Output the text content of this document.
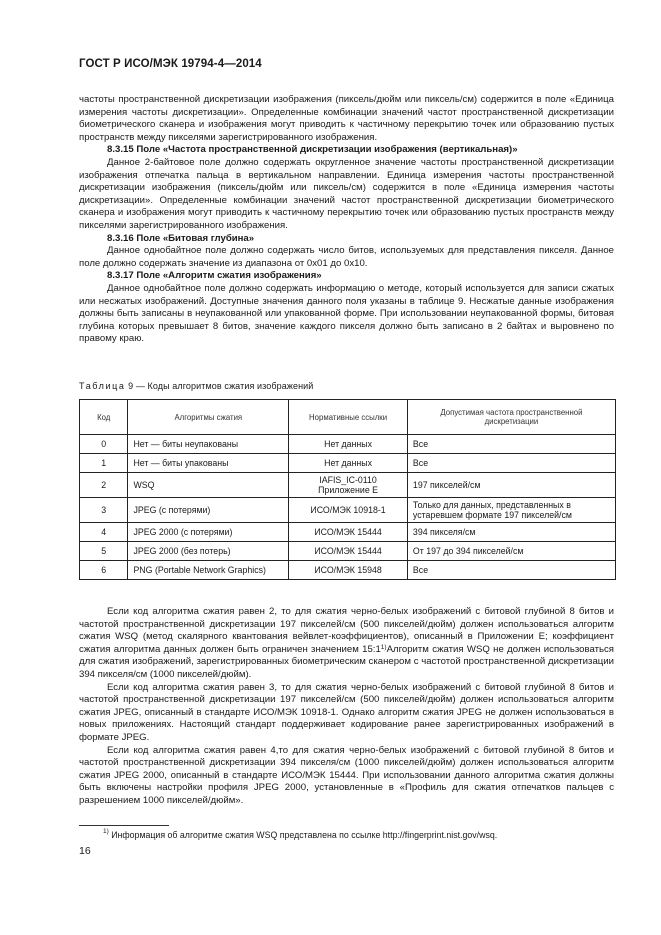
ГОСТ Р ИСО/МЭК 19794-4—2014

частоты пространственной дискретизации изображения (пиксель/дюйм или пиксель/см) содержится в поле «Единица измерения частоты дискретизации». Определенные комбинации значений частот пространственной дискретизации биометрического сканера и изображения могут приводить к частичному перекрытию точек или образованию пустых пространств между пикселями зарегистрированного изображения.

8.3.15 Поле «Частота пространственной дискретизации изображения (вертикальная)»

Данное 2-байтовое поле должно содержать округленное значение частоты пространственной дискретизации изображения отпечатка пальца в вертикальном направлении. Единица измерения частоты пространственной дискретизации изображения (пиксель/дюйм или пиксель/см) содержится в поле «Единица измерения частоты дискретизации». Определенные комбинации значений частот пространственной дискретизации биометрического сканера и изображения могут приводить к частичному перекрытию точек или образованию пустых пространств между пикселями зарегистрированного изображения.

8.3.16 Поле «Битовая глубина»

Данное однобайтное поле должно содержать число битов, используемых для представления пикселя. Данное поле должно содержать значение из диапазона от 0x01 до 0x10.

8.3.17 Поле «Алгоритм сжатия изображения»

Данное однобайтное поле должно содержать информацию о методе, который используется для записи сжатых или несжатых изображений. Доступные значения данного поля указаны в таблице 9. Несжатые данные изображения должны быть записаны в неупакованной или упакованной форме. При использовании неупакованной формы, битовая глубина которых превышает 8 битов, значение каждого пикселя должно быть записано в 2 байтах и выровнено по правому краю.

Таблица 9 — Коды алгоритмов сжатия изображений
Код	Алгоритмы сжатия	Нормативные ссылки	Допустимая частота пространственной дискретизации
0	Нет — биты неупакованы	Нет данных	Все
1	Нет — биты упакованы	Нет данных	Все
2	WSQ	IAFIS_IC-0110 Приложение Е	197 пикселей/см
3	JPEG (с потерями)	ИСО/МЭК 10918-1	Только для данных, представленных в устаревшем формате 197 пикселей/см
4	JPEG 2000 (с потерями)	ИСО/МЭК 15444	394 пикселя/см
5	JPEG 2000 (без потерь)	ИСО/МЭК 15444	От 197 до 394 пикселей/см
6	PNG (Portable Network Graphics)	ИСО/МЭК 15948	Все

Если код алгоритма сжатия равен 2, то для сжатия черно-белых изображений с битовой глубиной 8 битов и частотой пространственной дискретизации 197 пикселей/см (500 пикселей/дюйм) должен использоваться алгоритм сжатия WSQ (метод скалярного квантования вейвлет-коэффициентов), описанный в Приложении Е; коэффициент сжатия алгоритма данных должен быть ограничен значением 15:1$^{1)}$Алгоритм сжатия WSQ не должен использоваться для сжатия изображений, зарегистрированных биометрическим сканером с частотой пространственной дискретизации 394 пикселя/см (1000 пикселей/дюйм).

Если код алгоритма сжатия равен 3, то для сжатия черно-белых изображений с битовой глубиной 8 битов и частотой пространственной дискретизации 197 пикселей/см (500 пикселей/дюйм) должен использоваться алгоритм сжатия JPEG, описанный в стандарте ИСО/МЭК 10918-1. Однако алгоритм сжатия JPEG не должен использоваться в новых приложениях. Настоящий стандарт поддерживает кодирование ранее зарегистрированных изображений в формате JPEG.

Если код алгоритма сжатия равен 4,то для сжатия черно-белых изображений с битовой глубиной 8 битов и частотой пространственной дискретизации 394 пикселя/см (1000 пикселей/дюйм) должен использоваться алгоритм сжатия JPEG 2000, описанный в стандарте ИСО/МЭК 15444. При использовании данного алгоритма сжатия должны быть включены настройки профиля JPEG 2000, установленные в «Профиль для сжатия отпечатков пальцев с разрешением 1000 пикселей/дюйм».

$^{1)}$ Информация об алгоритме сжатия WSQ представлена по ссылке http://fingerprint.nist.gov/wsq.
16
